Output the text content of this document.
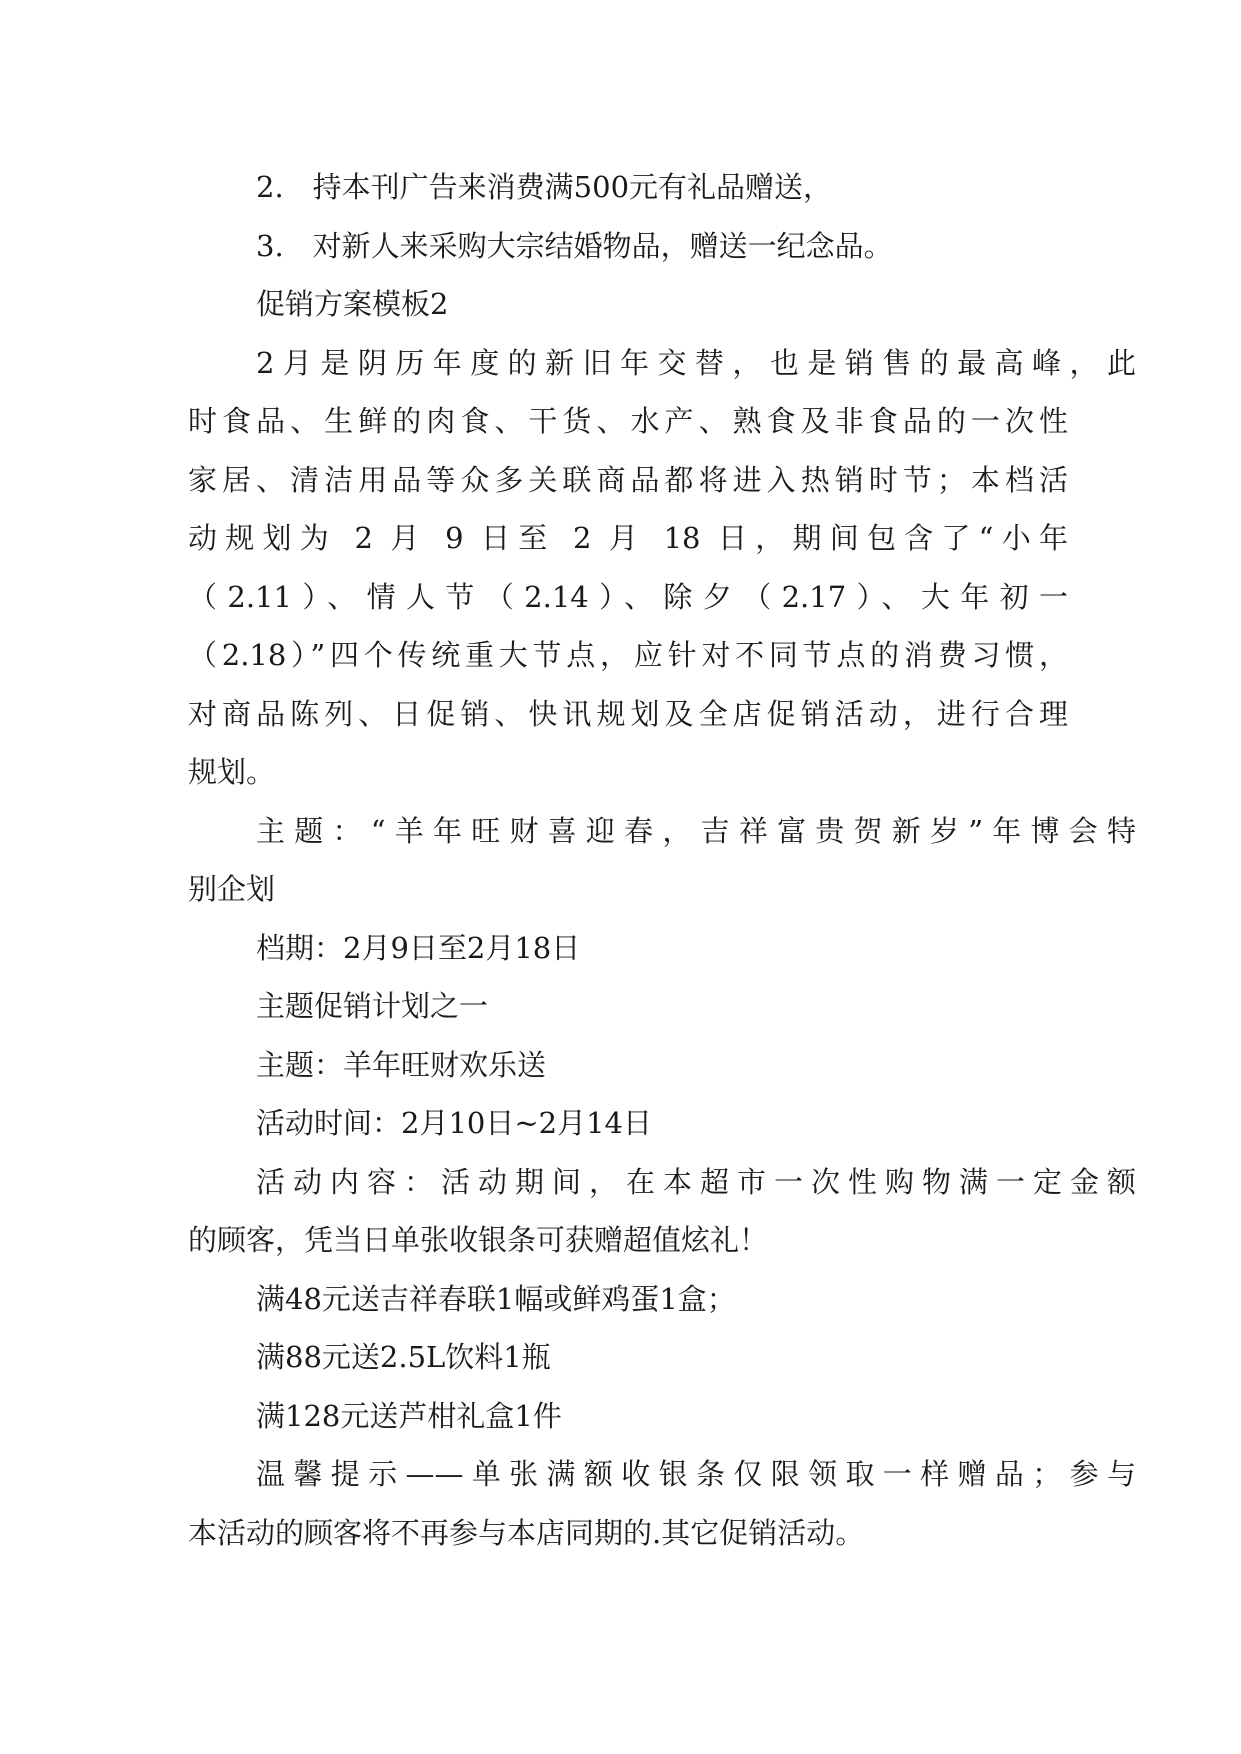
2.　持本刊广告来消费满500元有礼品赠送，

3.　对新人来采购大宗结婚物品，赠送一纪念品。

促销方案模板2

2月是阴历年度的新旧年交替，也是销售的最高峰，此

时食品、生鲜的肉食、干货、水产、熟食及非食品的一次性

家居、清洁用品等众多关联商品都将进入热销时节；本档活

动规划为 2 月 9 日至 2 月 18 日，期间包含了“小年

（2.11）、情人节（2.14）、除夕（2.17）、大年初一

（2.18）”四个传统重大节点，应针对不同节点的消费习惯，

对商品陈列、日促销、快讯规划及全店促销活动，进行合理

规划。

主题：“羊年旺财喜迎春，吉祥富贵贺新岁”年博会特

别企划

档期：2月9日至2月18日

主题促销计划之一

主题：羊年旺财欢乐送

活动时间：2月10日~2月14日

活动内容：活动期间，在本超市一次性购物满一定金额

的顾客，凭当日单张收银条可获赠超值炫礼！

满48元送吉祥春联1幅或鲜鸡蛋1盒；

满88元送2.5L饮料1瓶

满128元送芦柑礼盒1件

温馨提示——单张满额收银条仅限领取一样赠品；参与

本活动的顾客将不再参与本店同期的.其它促销活动。
